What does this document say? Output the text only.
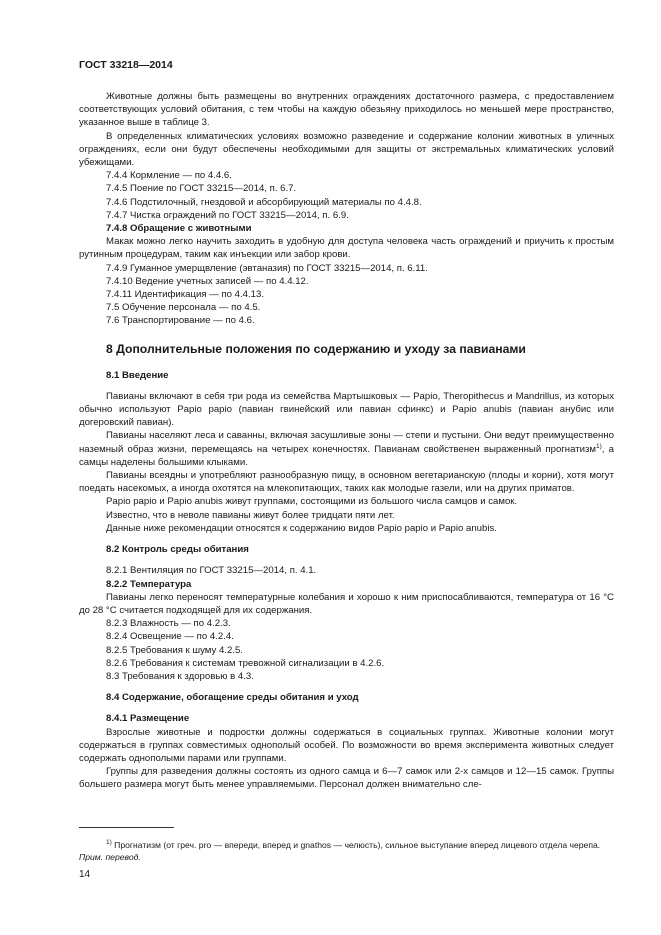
ГОСТ 33218—2014

Животные должны быть размещены во внутренних ограждениях достаточного размера, с предоставлением соответствующих условий обитания, с тем чтобы на каждую обезьяну приходилось но меньшей мере пространство, указанное выше в таблице 3.

В определенных климатических условиях возможно разведение и содержание колонии животных в уличных ограждениях, если они будут обеспечены необходимыми для защиты от экстремальных климатических условий убежищами.

7.4.4 Кормление — по 4.4.6.

7.4.5 Поение по ГОСТ 33215—2014, п. 6.7.

7.4.6 Подстилочный, гнездовой и абсорбирующий материалы по 4.4.8.

7.4.7 Чистка ограждений по ГОСТ 33215—2014, п. 6.9.

7.4.8 Обращение с животными

Макак можно легко научить заходить в удобную для доступа человека часть ограждений и приучить к простым рутинным процедурам, таким как инъекции или забор крови.

7.4.9 Гуманное умерщвление (эвтаназия) по ГОСТ 33215—2014, п. 6.11.

7.4.10 Ведение учетных записей — по 4.4.12.

7.4.11 Идентификация — по 4.4.13.

7.5 Обучение персонала — по 4.5.

7.6 Транспортирование — по 4.6.

8 Дополнительные положения по содержанию и уходу за павианами

8.1 Введение

Павианы включают в себя три рода из семейства Мартышковых — Papio, Theropithecus и Mandrillus, из которых обычно используют Papio papio (павиан гвинейский или павиан сфинкс) и Papio anubis (павиан анубис или догеровский павиан).

Павианы населяют леса и саванны, включая засушливые зоны — степи и пустыни. Они ведут преимущественно наземный образ жизни, перемещаясь на четырех конечностях. Павианам свойственен выраженный прогнатизм$^{1)}$, а самцы наделены большими клыками.

Павианы всеядны и употребляют разнообразную пищу, в основном вегетарианскую (плоды и корни), хотя могут поедать насекомых, а иногда охотятся на млекопитающих, таких как молодые газели, или на других приматов.

Papio papio и Papio anubis живут группами, состоящими из большого числа самцов и самок.

Известно, что в неволе павианы живут более тридцати пяти лет.

Данные ниже рекомендации относятся к содержанию видов Papio papio и Papio anubis.

8.2 Контроль среды обитания

8.2.1 Вентиляция по ГОСТ 33215—2014, п. 4.1.

8.2.2 Температура

Павианы легко переносят температурные колебания и хорошо к ним приспосабливаются, температура от 16 °С до 28 °С считается подходящей для их содержания.

8.2.3 Влажность — по 4.2.3.

8.2.4 Освещение — по 4.2.4.

8.2.5 Требования к шуму 4.2.5.

8.2.6 Требования к системам тревожной сигнализации в 4.2.6.

8.3 Требования к здоровью в 4.3.

8.4 Содержание, обогащение среды обитания и уход

8.4.1 Размещение

Взрослые животные и подростки должны содержаться в социальных группах. Животные колонии могут содержаться в группах совместимых однополый особей. По возможности во время эксперимента животных следует содержать однополыми парами или группами.

Группы для разведения должны состоять из одного самца и 6—7 самок или 2-х самцов и 12—15 самок. Группы большего размера могут быть менее управляемыми. Персонал должен внимательно сле-

$^{1)}$ Прогнатизм (от греч. pro — впереди, вперед и gnathos — челюсть), сильное выступание вперед лицевого отдела черепа. Прим. перевод.

14
